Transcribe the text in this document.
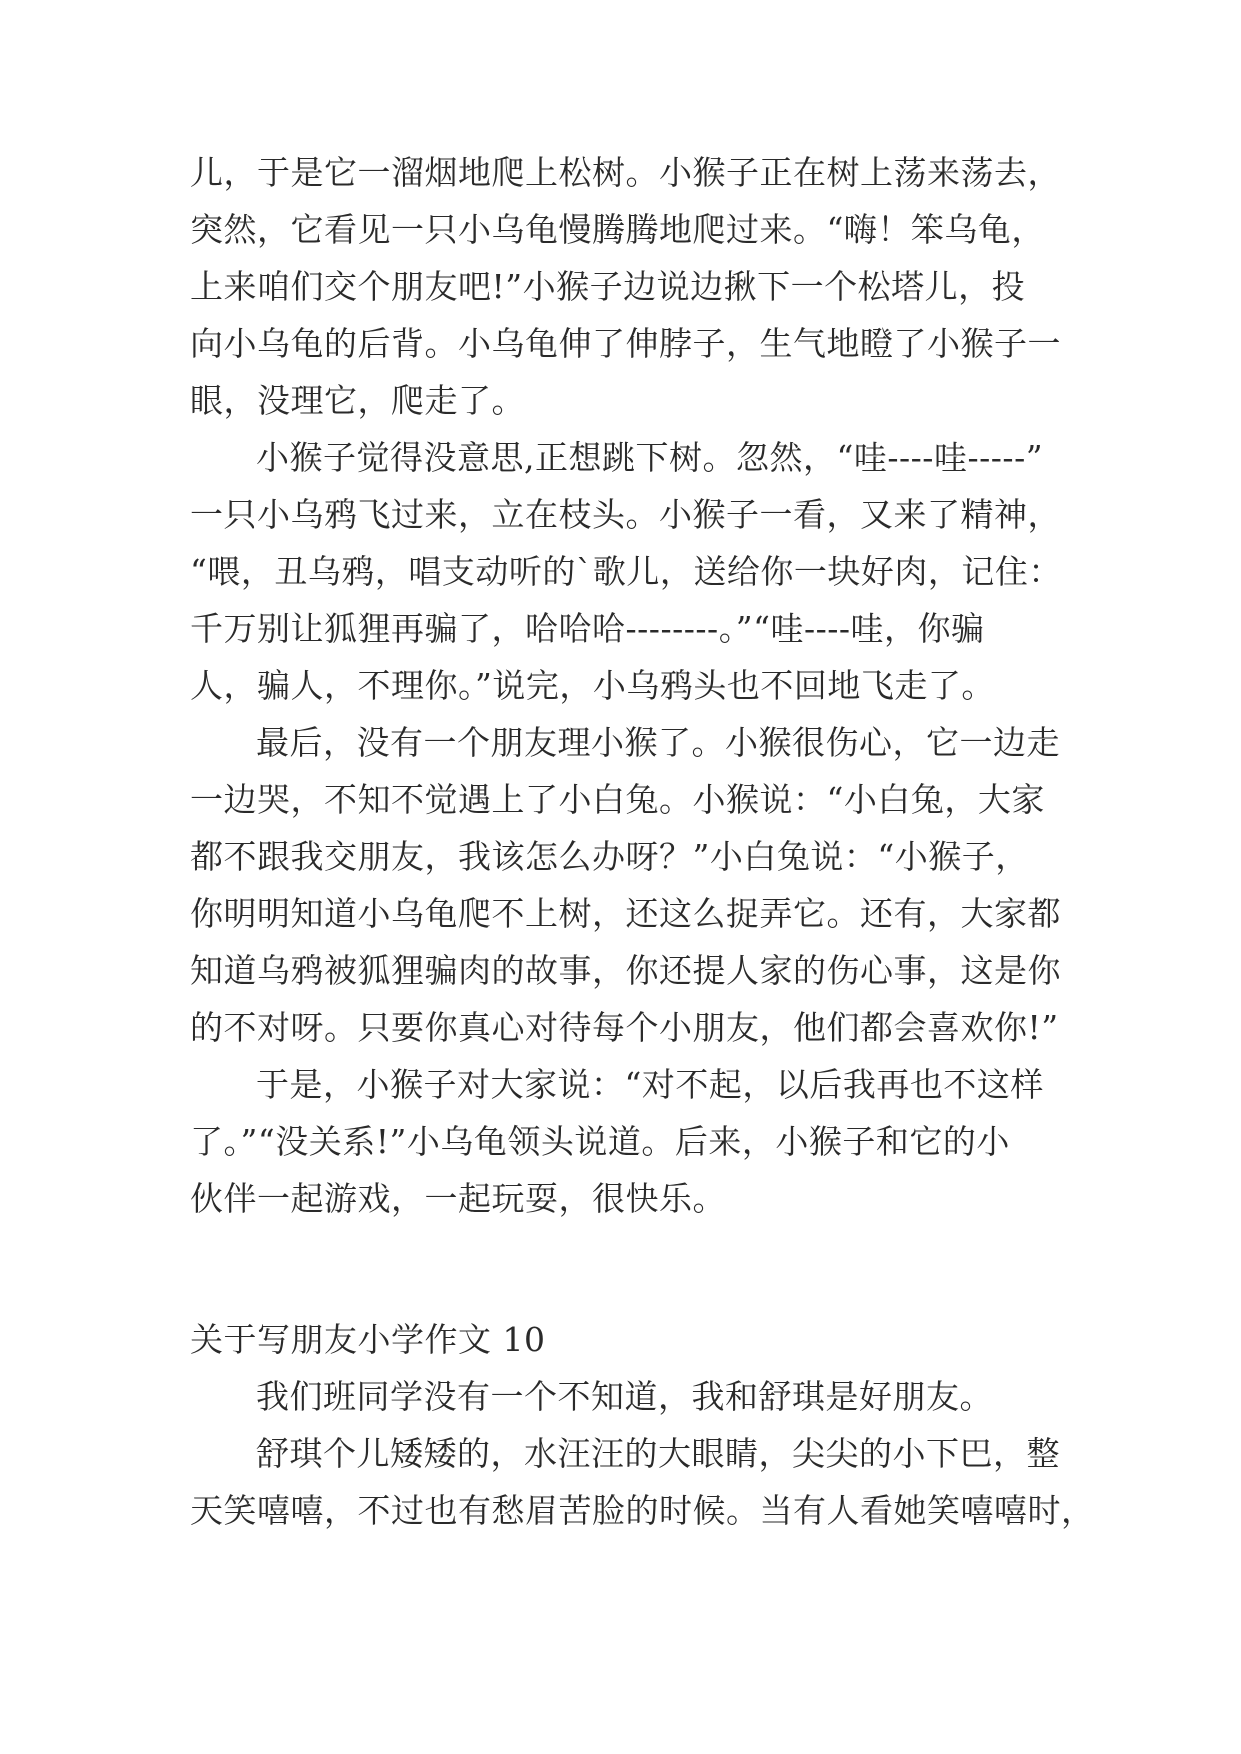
儿，于是它一溜烟地爬上松树。小猴子正在树上荡来荡去，
突然，它看见一只小乌龟慢腾腾地爬过来。“嗨！笨乌龟，
上来咱们交个朋友吧!”小猴子边说边揪下一个松塔儿，投
向小乌龟的后背。小乌龟伸了伸脖子，生气地瞪了小猴子一
眼，没理它，爬走了。
小猴子觉得没意思,正想跳下树。忽然，“哇----哇-----”
一只小乌鸦飞过来，立在枝头。小猴子一看，又来了精神，
“喂，丑乌鸦，唱支动听的`歌儿，送给你一块好肉，记住：
千万别让狐狸再骗了，哈哈哈--------。”“哇----哇，你骗
人，骗人，不理你。”说完，小乌鸦头也不回地飞走了。
最后，没有一个朋友理小猴了。小猴很伤心，它一边走
一边哭，不知不觉遇上了小白兔。小猴说：“小白兔，大家
都不跟我交朋友，我该怎么办呀？”小白兔说：“小猴子，
你明明知道小乌龟爬不上树，还这么捉弄它。还有，大家都
知道乌鸦被狐狸骗肉的故事，你还提人家的伤心事，这是你
的不对呀。只要你真心对待每个小朋友，他们都会喜欢你!”
于是，小猴子对大家说：“对不起，以后我再也不这样
了。”“没关系!”小乌龟领头说道。后来，小猴子和它的小
伙伴一起游戏，一起玩耍，很快乐。
关于写朋友小学作文 10
我们班同学没有一个不知道，我和舒琪是好朋友。
舒琪个儿矮矮的，水汪汪的大眼睛，尖尖的小下巴，整
天笑嘻嘻，不过也有愁眉苦脸的时候。当有人看她笑嘻嘻时，
